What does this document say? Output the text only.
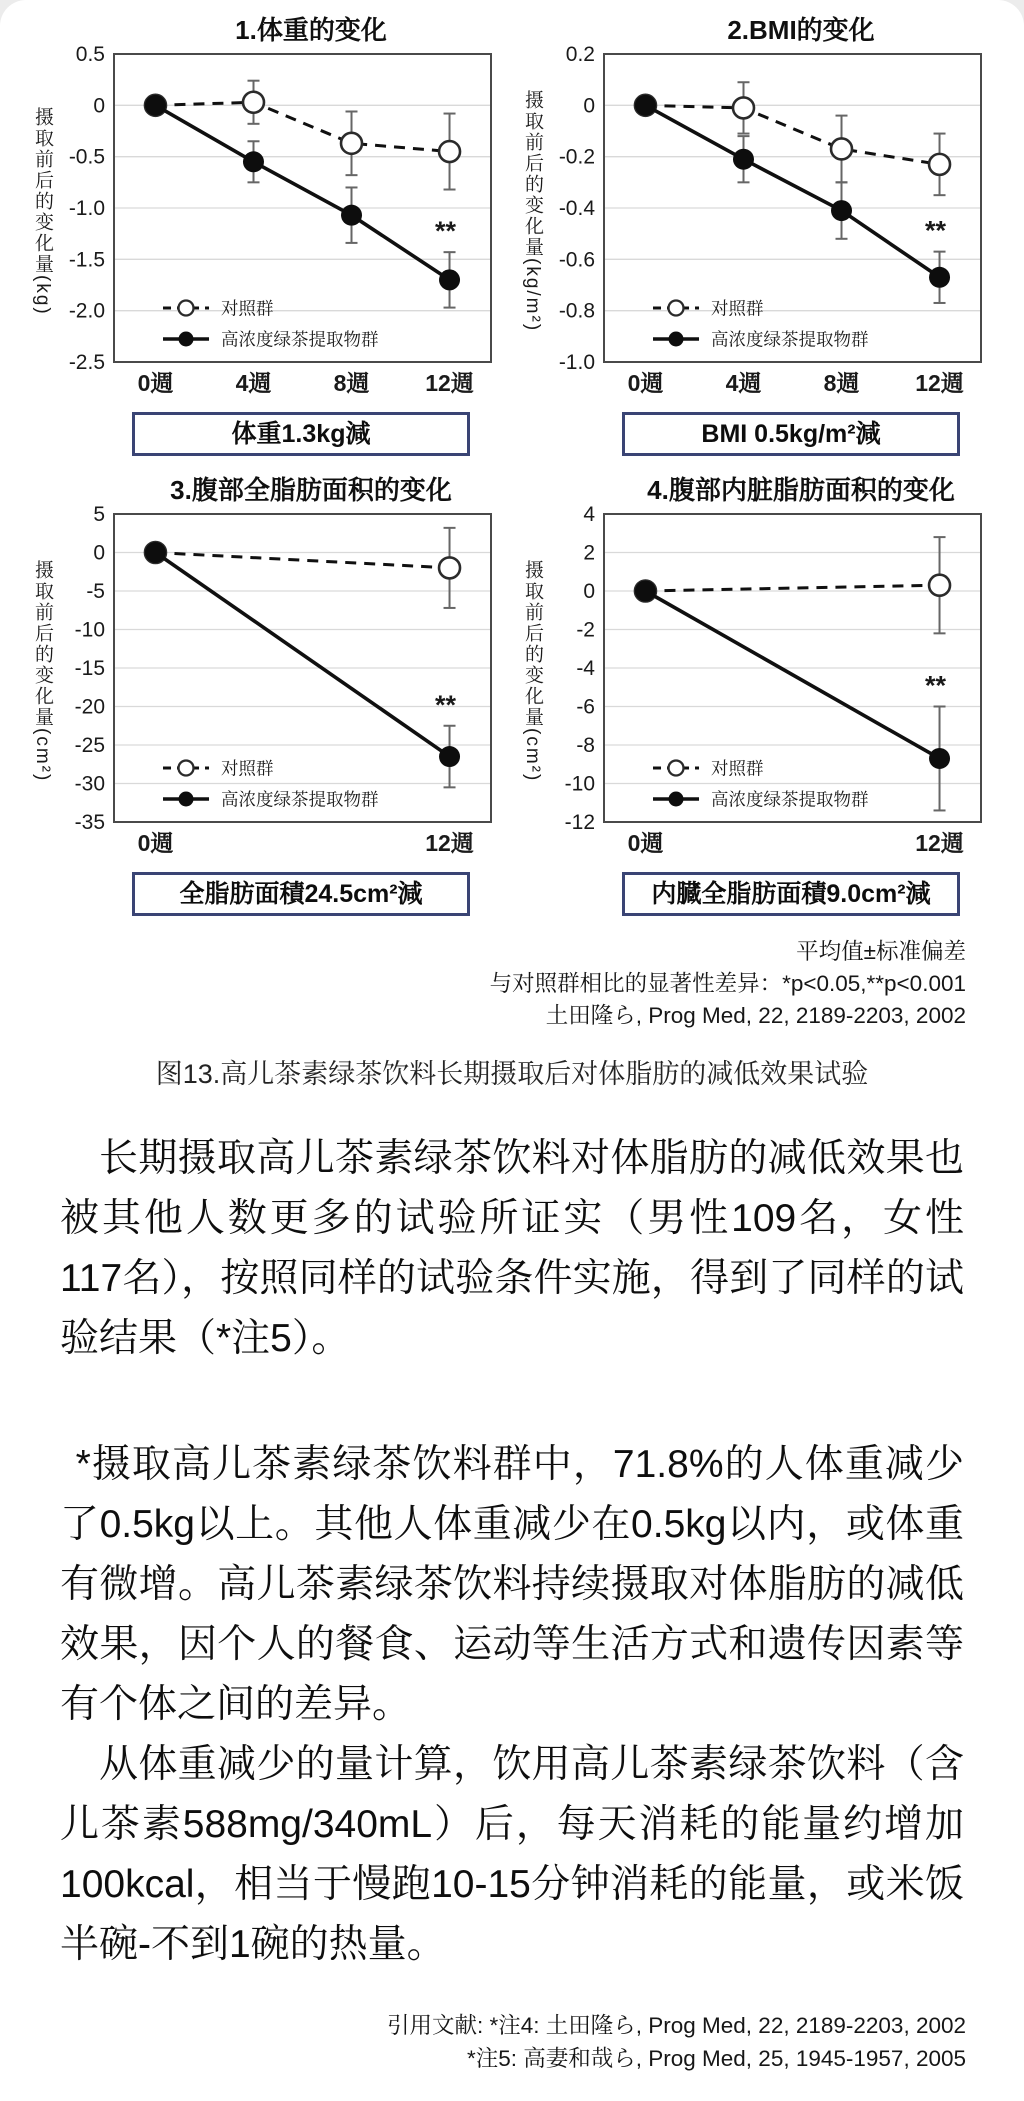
1.体重的变化
摄取前后的变化量(kg)
0.5
0
-0.5
-1.0
-1.5
-2.0
-2.5
0週	4週	8週 12週
**
对照群
高浓度绿茶提取物群
体重1.3kg減
2.BMI的变化
摄取前后的变化量(kg/m²)
0.2
0
-0.2
-0.4
-0.6
-0.8
-1.0
0週	4週	8週 12週
**
对照群
高浓度绿茶提取物群
BMI 0.5kg/m²減
3.腹部全脂肪面积的变化
摄取前后的变化量(cm²)
5
0
-5
-10
-15
-20
-25
-30
-35
0週	12週
**
对照群
高浓度绿茶提取物群
全脂肪面積24.5cm²減
4.腹部内脏脂肪面积的变化
摄取前后的变化量(cm²)
4
2
0
-2
-4
-6
-8
-10
-12
0週	12週
**
对照群
高浓度绿茶提取物群
内臓全脂肪面積9.0cm²減
平均值±标准偏差
与对照群相比的显著性差异：*p<0.05,**p<0.001
土田隆ら, Prog Med, 22, 2189-2203, 2002
图13.高儿茶素绿茶饮料长期摄取后对体脂肪的减低效果试验

长期摄取高儿茶素绿茶饮料对体脂肪的减低效果也被其他人数更多的试验所证实（男性109名，女性117名），按照同样的试验条件实施，得到了同样的试验结果（*注5）。

*摄取高儿茶素绿茶饮料群中，71.8%的人体重减少了0.5kg以上。其他人体重减少在0.5kg以内，或体重有微增。高儿茶素绿茶饮料持续摄取对体脂肪的减低效果，因个人的餐食、运动等生活方式和遗传因素等有个体之间的差异。

从体重减少的量计算，饮用高儿茶素绿茶饮料（含儿茶素588mg/340mL）后，每天消耗的能量约增加100kcal，相当于慢跑10-15分钟消耗的能量，或米饭半碗-不到1碗的热量。

引用文献: *注4: 土田隆ら, Prog Med, 22, 2189-2203, 2002
*注5: 高妻和哉ら, Prog Med, 25, 1945-1957, 2005
